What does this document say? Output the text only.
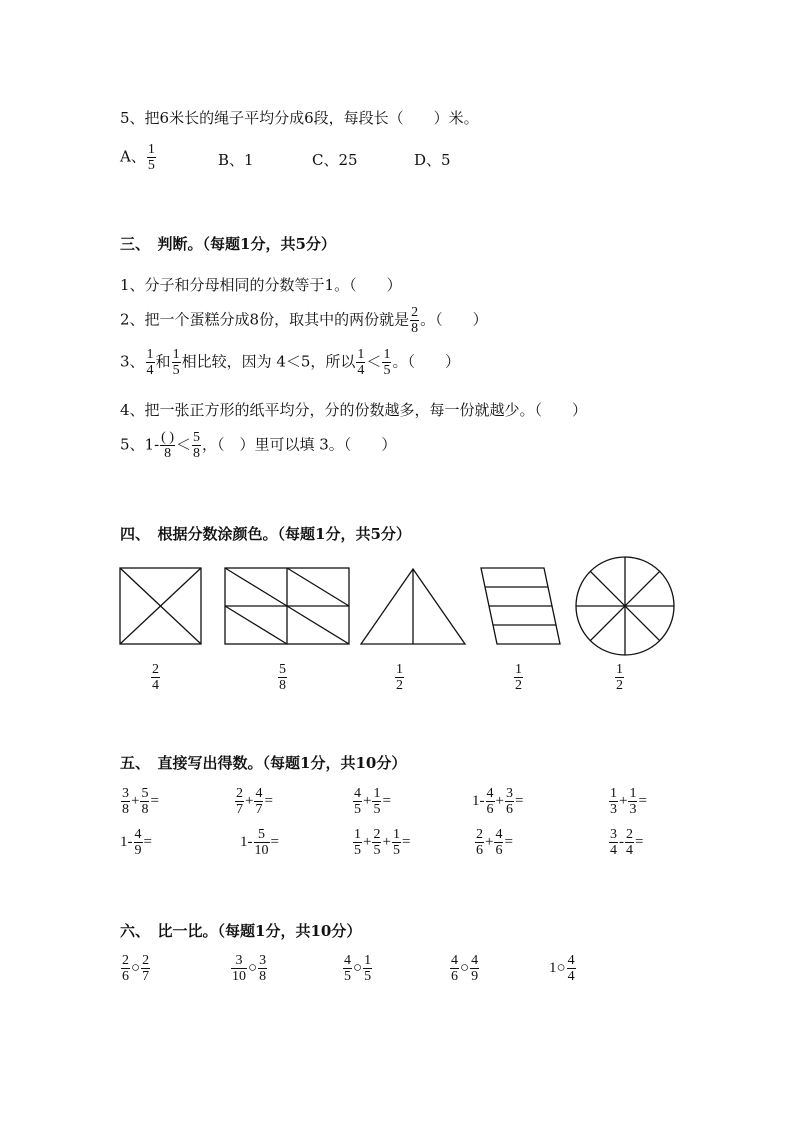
5、把6米长的绳子平均分成6段，每段长（　　）米。
A、 $\frac{1}{5}$	B、1	C、25	D、5
三、　判断。（每题1分，共5分）
1、分子和分母相同的分数等于1。（　　）
2、把一个蛋糕分成8份，取其中的两份就是 $\frac{2}{8}$ 。（　　）
3、 $\frac{1}{4}$ 和 $\frac{1}{5}$ 相比较，因为 4＜5，所以 $\frac{1}{4} < \frac{1}{5}$ 。（　　）
4、把一张正方形的纸平均分，分的份数越多，每一份就越少。（　　）
5、$1- \frac{( )}{8} < \frac{5}{8}$ ，（　）里可以填 3。（　　）
四、　根据分数涂颜色。（每题1分，共5分）
$\frac{2}{4}$	$\frac{5}{8}$	$\frac{1}{2}$	$\frac{1}{2}$	$\frac{1}{2}$
五、　直接写出得数。（每题1分，共10分）
$\frac{3}{8} + \frac{5}{8}$ =	$\frac{2}{7} + \frac{4}{7}$ =	$\frac{4}{5} + \frac{1}{5}$ =	$1- \frac{4}{6} + \frac{3}{6}$ =	$\frac{1}{3} + \frac{1}{3}$ =
$1- \frac{4}{9}$ =	$1- \frac{5}{10}$ =	$\frac{1}{5} + \frac{2}{5} + \frac{1}{5}$ =	$\frac{2}{6} + \frac{4}{6}$ =	$\frac{3}{4} - \frac{2}{4}$ =
六、　比一比。（每题1分，共10分）
$\frac{2}{6}$ ○ $\frac{2}{7}$	$\frac{3}{10}$ ○ $\frac{3}{8}$	$\frac{4}{5}$ ○ $\frac{1}{5}$	$\frac{4}{6}$ ○ $\frac{4}{9}$	1○ $\frac{4}{4}$
